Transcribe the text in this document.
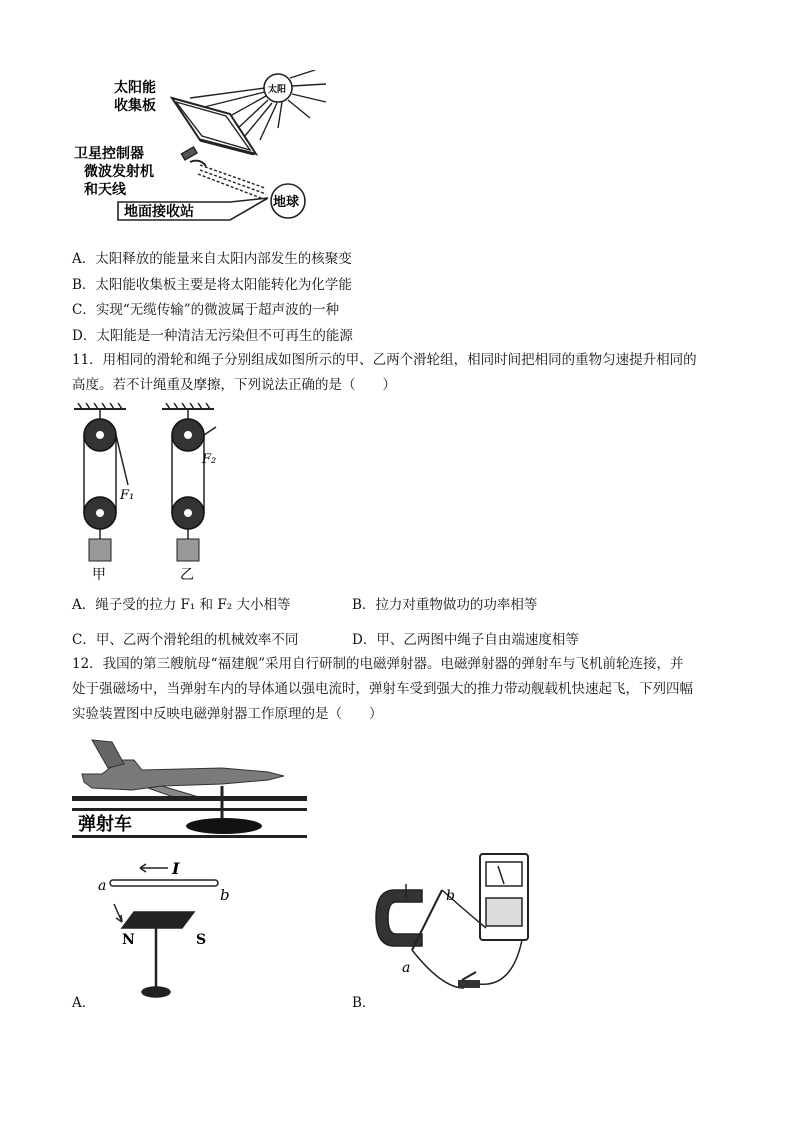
太阳
地球
太阳能
收集板
卫星控制器
微波发射机
和天线
地面接收站
A．太阳释放的能量来自太阳内部发生的核聚变
B．太阳能收集板主要是将太阳能转化为化学能
C．实现“无缆传输”的微波属于超声波的一种
D．太阳能是一种清洁无污染但不可再生的能源
11．用相同的滑轮和绳子分别组成如图所示的甲、乙两个滑轮组，相同时间把相同的重物匀速提升相同的
高度。若不计绳重及摩擦，下列说法正确的是（　　）
F₁
F₂
甲	乙
A．绳子受的拉力 F₁ 和 F₂ 大小相等	B．拉力对重物做功的功率相等
C．甲、乙两个滑轮组的机械效率不同	D．甲、乙两图中绳子自由端速度相等
12．我国的第三艘航母“福建舰”采用自行研制的电磁弹射器。电磁弹射器的弹射车与飞机前轮连接，并
处于强磁场中，当弹射车内的导体通以强电流时，弹射车受到强大的推力带动舰载机快速起飞，下列四幅
实验装置图中反映电磁弹射器工作原理的是（　　）
弹射车
I
a	b
N	S
a
b
A．	B．
